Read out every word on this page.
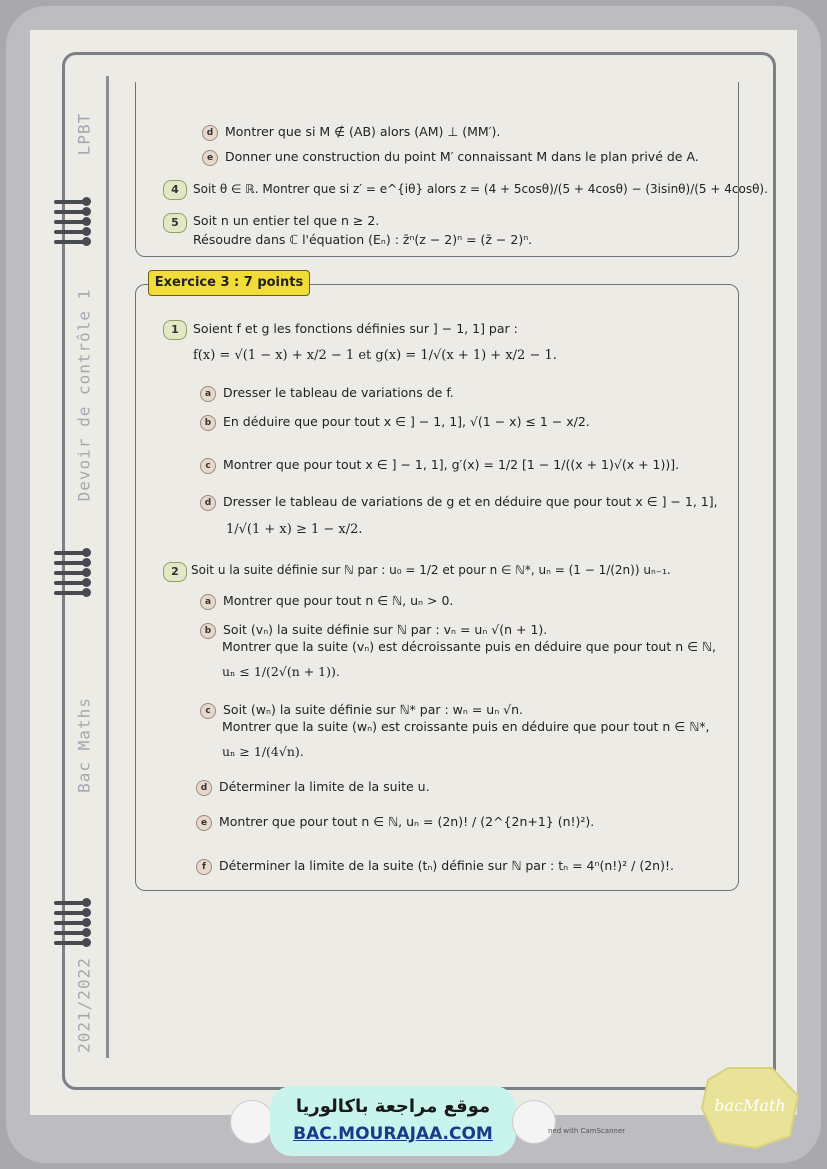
LPBT
Devoir de contrôle 1
Bac Maths
2021/2022
d Montrer que si M ∉ (AB) alors (AM) ⊥ (MM′).
e Donner une construction du point M′ connaissant M dans le plan privé de A.
4	Soit θ ∈ ℝ. Montrer que si z′ = e^{iθ} alors z = (4 + 5cosθ)/(5 + 4cosθ) − (3isinθ)/(5 + 4cosθ).
5	Soit n un entier tel que n ≥ 2.
Résoudre dans ℂ l'équation (Eₙ) : z̄ⁿ(z − 2)ⁿ = (z̄ − 2)ⁿ.
Exercice 3 : 7 points
1	Soient f et g les fonctions définies sur ] − 1, 1] par :
f(x) = √(1 − x) + x/2 − 1 et g(x) = 1/√(x + 1) + x/2 − 1.
a Dresser le tableau de variations de f.
b En déduire que pour tout x ∈ ] − 1, 1], √(1 − x) ≤ 1 − x/2.
c Montrer que pour tout x ∈ ] − 1, 1], g′(x) = 1/2 [1 − 1/((x + 1)√(x + 1))].
d Dresser le tableau de variations de g et en déduire que pour tout x ∈ ] − 1, 1],
1/√(1 + x) ≥ 1 − x/2.
2	Soit u la suite définie sur ℕ par : u₀ = 1/2 et pour n ∈ ℕ*, uₙ = (1 − 1/(2n)) uₙ₋₁.
a Montrer que pour tout n ∈ ℕ, uₙ > 0.
b Soit (vₙ) la suite définie sur ℕ par : vₙ = uₙ √(n + 1).
Montrer que la suite (vₙ) est décroissante puis en déduire que pour tout n ∈ ℕ,
uₙ ≤ 1/(2√(n + 1)).
c Soit (wₙ) la suite définie sur ℕ* par : wₙ = uₙ √n.
Montrer que la suite (wₙ) est croissante puis en déduire que pour tout n ∈ ℕ*,
uₙ ≥ 1/(4√n).
d Déterminer la limite de la suite u.
e Montrer que pour tout n ∈ ℕ, uₙ = (2n)! / (2^{2n+1} (n!)²).
f	Déterminer la limite de la suite (tₙ) définie sur ℕ par : tₙ = 4ⁿ(n!)² / (2n)!.
موقع مراجعة باكالوريا
BAC.MOURAJAA.COM	ned with CamScanner
bacMath
